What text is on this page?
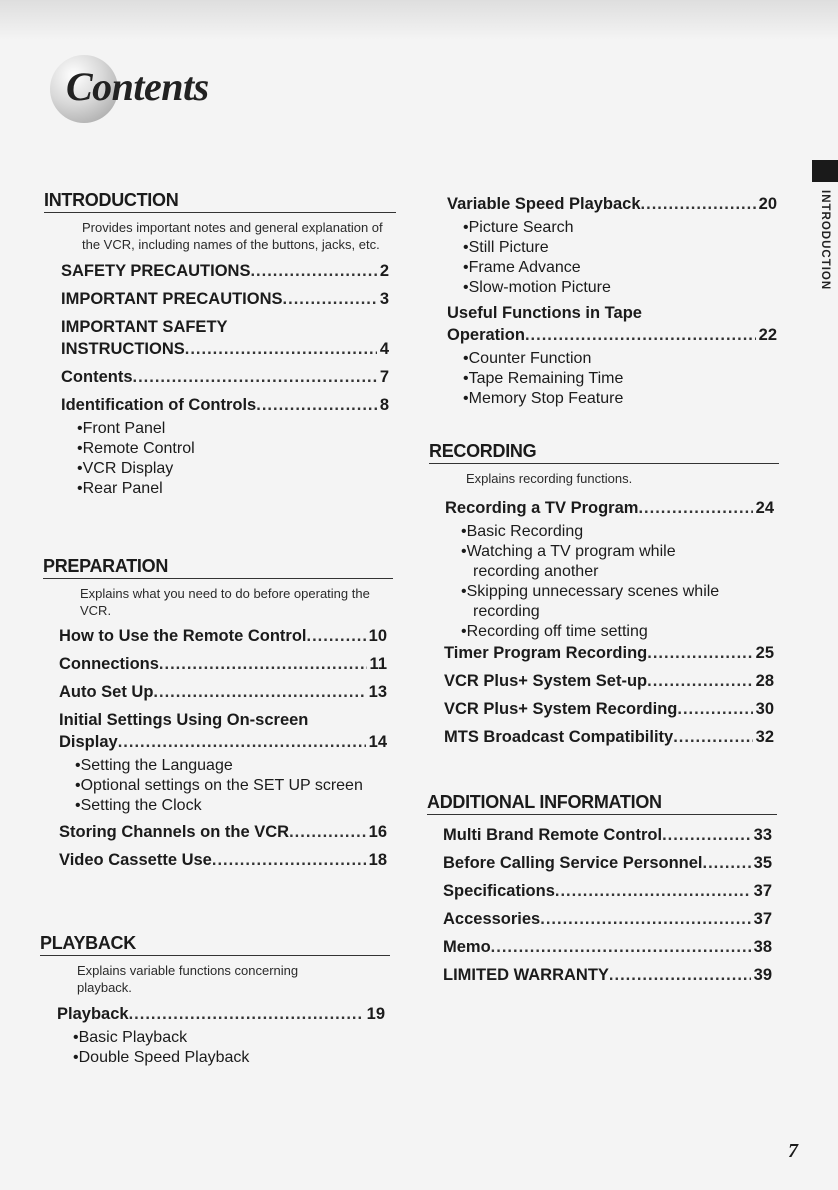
Contents
INTRODUCTION
INTRODUCTION

Provides important notes and general explanation of the VCR, including names of the buttons, jacks, etc.

SAFETY PRECAUTIONS .....	2
IMPORTANT PRECAUTIONS .....	3
IMPORTANT SAFETY
INSTRUCTIONS .....	4
Contents .....	7
Identification of Controls .....	8
• Front Panel
• Remote Control
• VCR Display
• Rear Panel
PREPARATION

Explains what you need to do before operating the VCR.

How to Use the Remote Control .....	10
Connections .....	11
Auto Set Up .....	13
Initial Settings Using On-screen
Display .....	14
• Setting the Language
• Optional settings on the SET UP screen
• Setting the Clock
Storing Channels on the VCR .....	16
Video Cassette Use .....	18
PLAYBACK

Explains variable functions concerning playback.

Playback .....	19
• Basic Playback
• Double Speed Playback
Variable Speed Playback .....	20
• Picture Search
• Still Picture
• Frame Advance
• Slow-motion Picture
Useful Functions in Tape
Operation .....	22
• Counter Function
• Tape Remaining Time
• Memory Stop Feature
RECORDING

Explains recording functions.

Recording a TV Program .....	24
• Basic Recording
• Watching a TV program while recording another
• Skipping unnecessary scenes while recording
• Recording off time setting
Timer Program Recording .....	25
VCR Plus+ System Set-up .....	28
VCR Plus+ System Recording .....	30
MTS Broadcast Compatibility .....	32
ADDITIONAL INFORMATION
Multi Brand Remote Control .....	33
Before Calling Service Personnel .....	35
Specifications .....	37
Accessories .....	37
Memo .....	38
LIMITED WARRANTY .....	39
7
